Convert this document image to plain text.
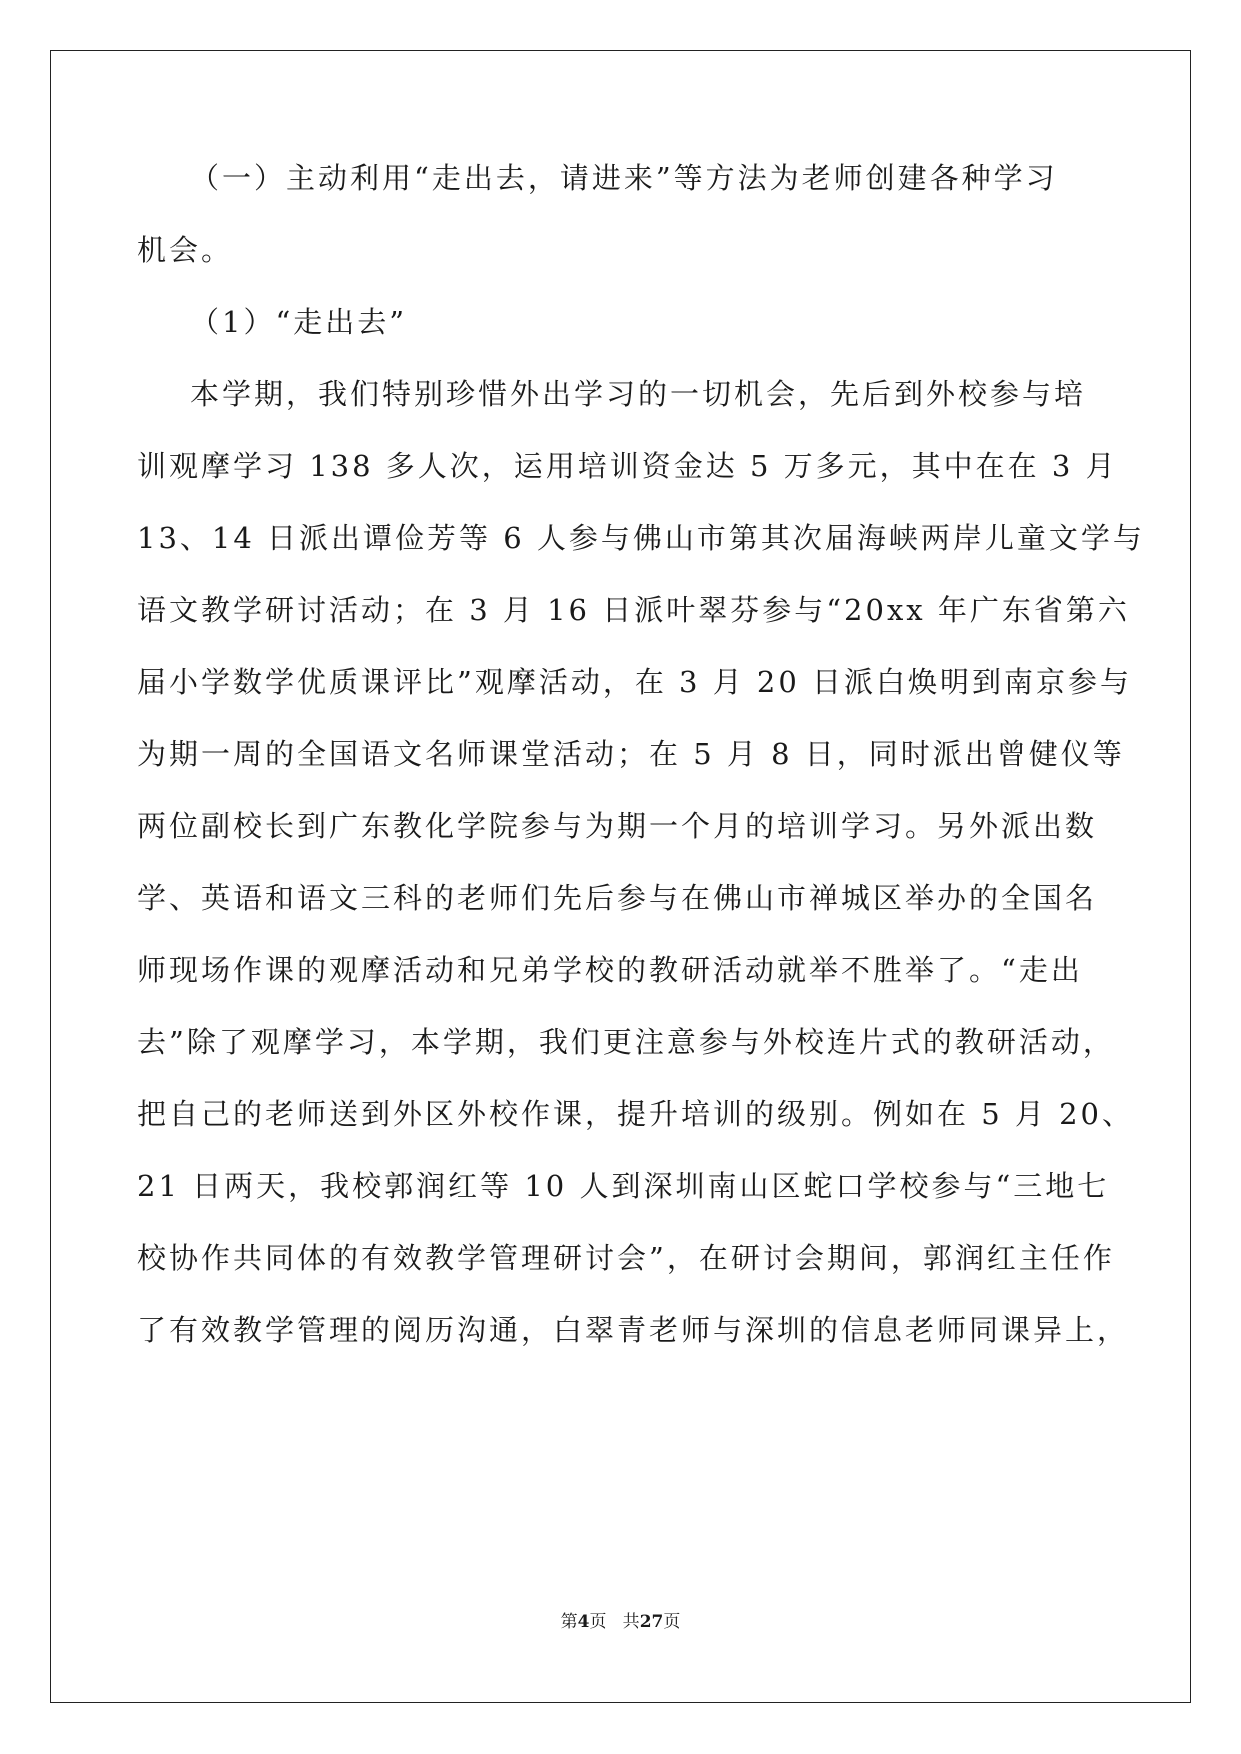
（一）主动利用“走出去，请进来”等方法为老师创建各种学习
机会。
（1）“走出去”
本学期，我们特别珍惜外出学习的一切机会，先后到外校参与培
训观摩学习 138 多人次，运用培训资金达 5 万多元，其中在在 3 月
13、14 日派出谭俭芳等 6 人参与佛山市第其次届海峡两岸儿童文学与
语文教学研讨活动；在 3 月 16 日派叶翠芬参与“20xx 年广东省第六
届小学数学优质课评比”观摩活动，在 3 月 20 日派白焕明到南京参与
为期一周的全国语文名师课堂活动；在 5 月 8 日，同时派出曾健仪等
两位副校长到广东教化学院参与为期一个月的培训学习。另外派出数
学、英语和语文三科的老师们先后参与在佛山市禅城区举办的全国名
师现场作课的观摩活动和兄弟学校的教研活动就举不胜举了。“走出
去”除了观摩学习，本学期，我们更注意参与外校连片式的教研活动，
把自己的老师送到外区外校作课，提升培训的级别。例如在 5 月 20、
21 日两天，我校郭润红等 10 人到深圳南山区蛇口学校参与“三地七
校协作共同体的有效教学管理研讨会”，在研讨会期间，郭润红主任作
了有效教学管理的阅历沟通，白翠青老师与深圳的信息老师同课异上，
第4页   共27页
